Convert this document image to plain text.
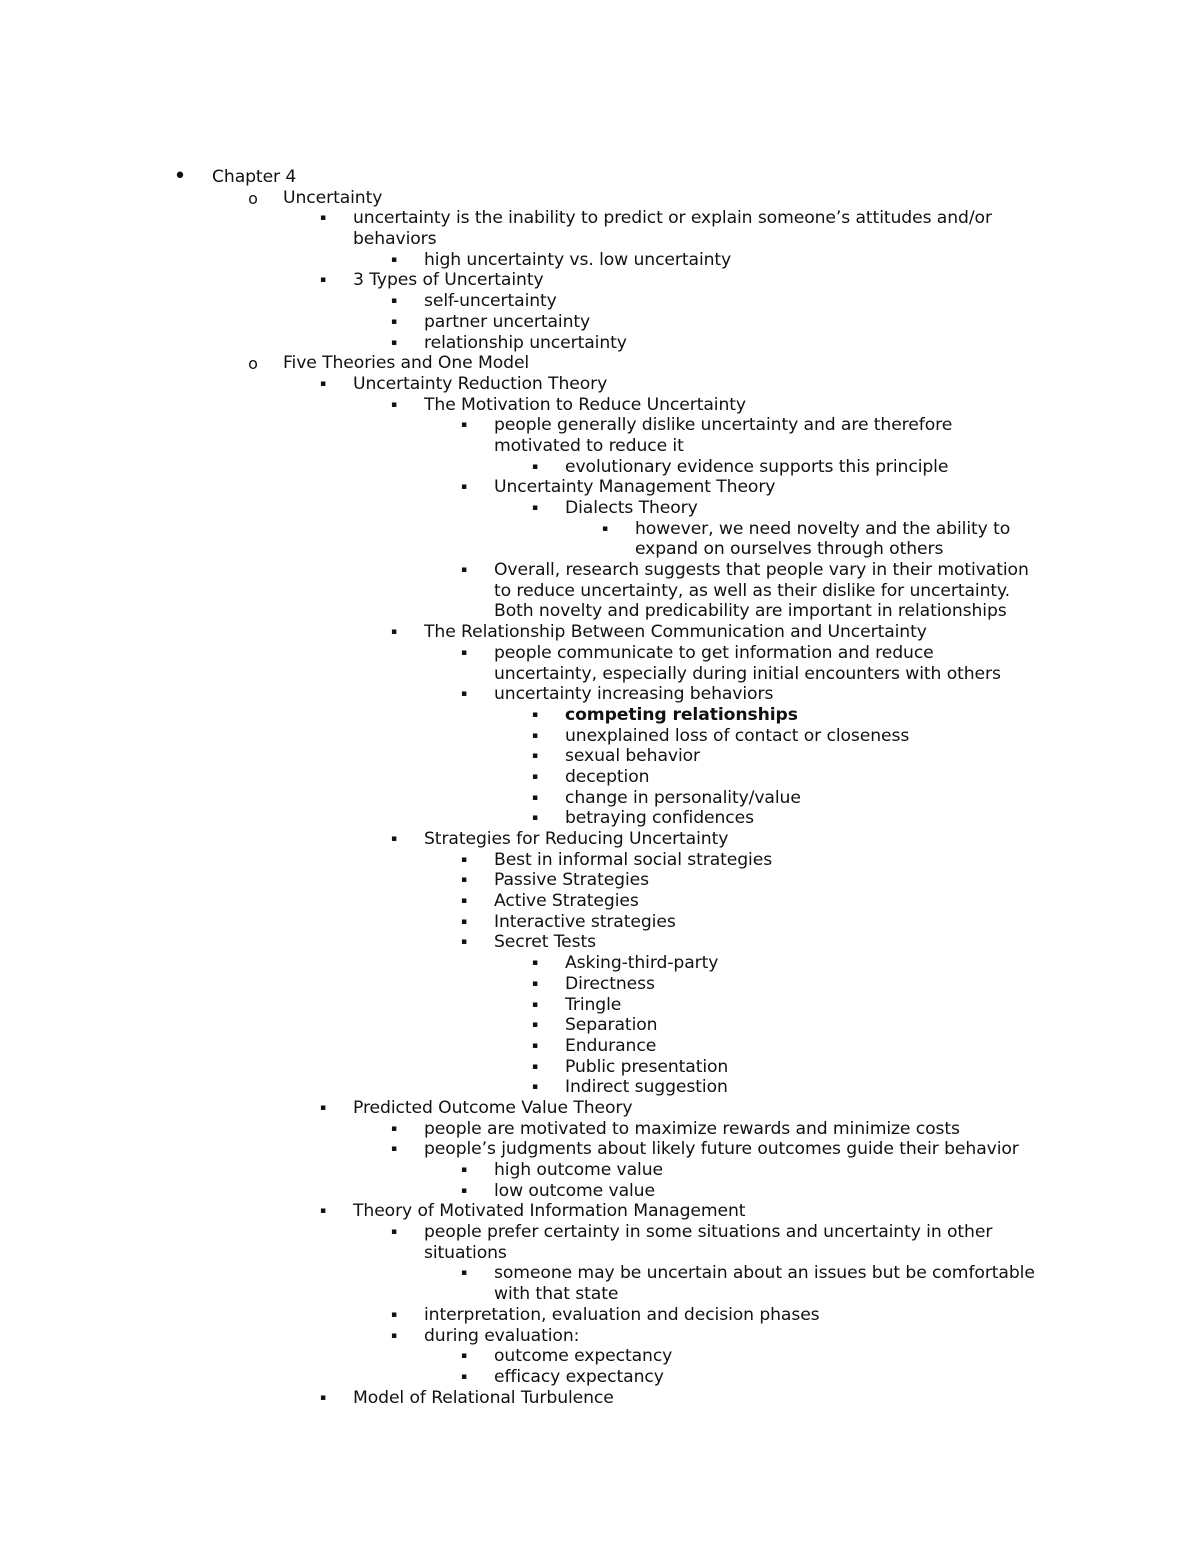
• Chapter 4
o Uncertainty
▪	uncertainty is the inability to predict or explain someone’s attitudes and/or
behaviors
▪	high uncertainty vs. low uncertainty
▪	3 Types of Uncertainty
▪	self-uncertainty
▪	partner uncertainty
▪	relationship uncertainty
o Five Theories and One Model
▪	Uncertainty Reduction Theory
▪	The Motivation to Reduce Uncertainty
▪	people generally dislike uncertainty and are therefore
motivated to reduce it
▪	evolutionary evidence supports this principle
▪	Uncertainty Management Theory
▪	Dialects Theory
▪	however, we need novelty and the ability to
expand on ourselves through others
▪	Overall, research suggests that people vary in their motivation
to reduce uncertainty, as well as their dislike for uncertainty.
Both novelty and predicability are important in relationships
▪	The Relationship Between Communication and Uncertainty
▪	people communicate to get information and reduce
uncertainty, especially during initial encounters with others
▪	uncertainty increasing behaviors
▪	competing relationships
▪	unexplained loss of contact or closeness
▪	sexual behavior
▪	deception
▪	change in personality/value
▪	betraying confidences
▪	Strategies for Reducing Uncertainty
▪	Best in informal social strategies
▪	Passive Strategies
▪	Active Strategies
▪	Interactive strategies
▪	Secret Tests
▪	Asking-third-party
▪	Directness
▪	Tringle
▪	Separation
▪	Endurance
▪	Public presentation
▪	Indirect suggestion
▪	Predicted Outcome Value Theory
▪	people are motivated to maximize rewards and minimize costs
▪	people’s judgments about likely future outcomes guide their behavior
▪	high outcome value
▪	low outcome value
▪	Theory of Motivated Information Management
▪	people prefer certainty in some situations and uncertainty in other
situations
▪	someone may be uncertain about an issues but be comfortable
with that state
▪	interpretation, evaluation and decision phases
▪	during evaluation:
▪	outcome expectancy
▪	efficacy expectancy
▪	Model of Relational Turbulence
